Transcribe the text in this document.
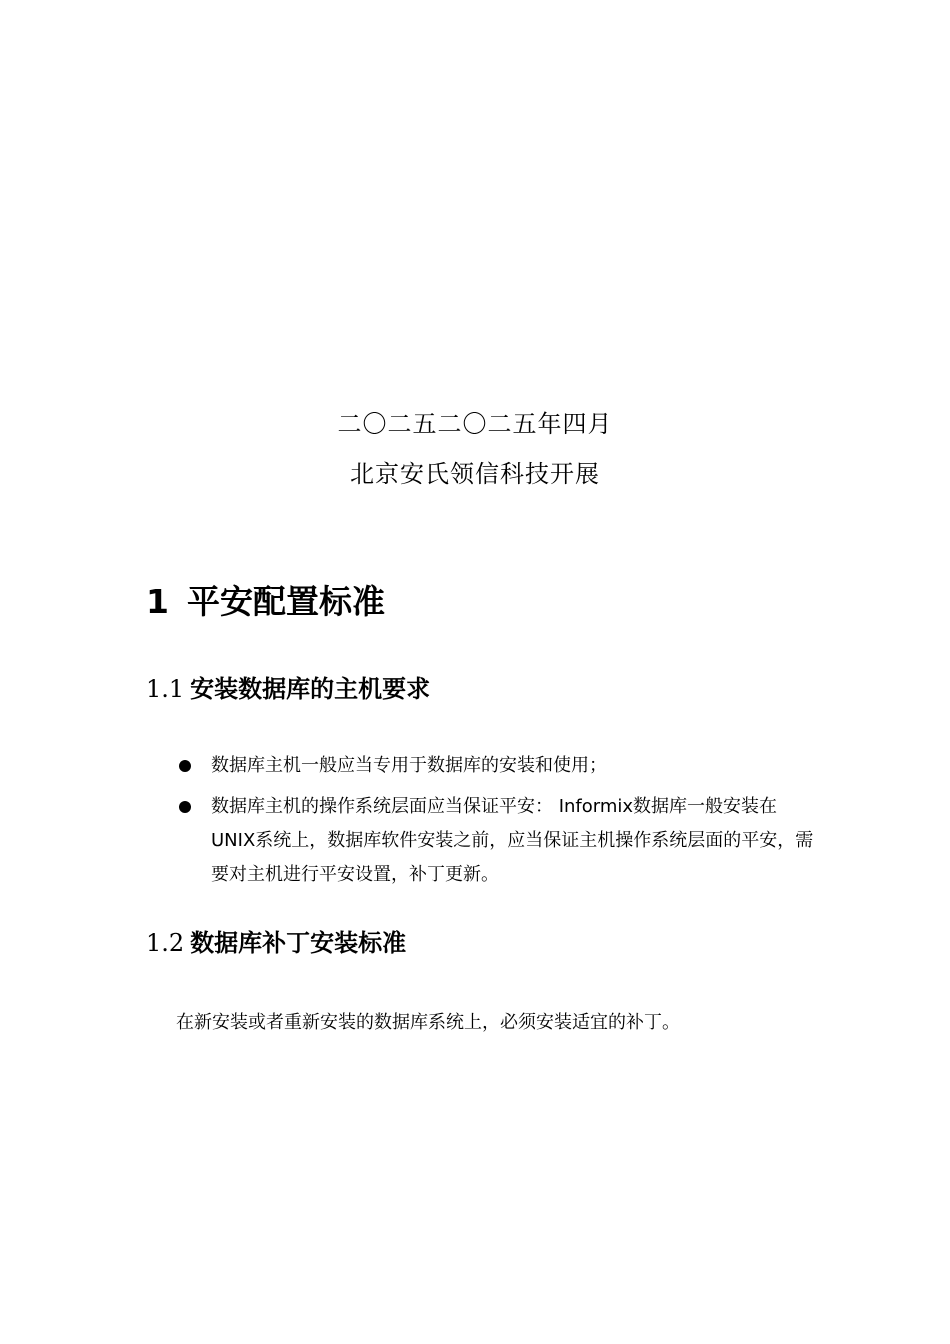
二〇二五二〇二五年四月
北京安氏领信科技开展
1 平安配置标准
1.1 安装数据库的主机要求
数据库主机一般应当专用于数据库的安装和使用；
数据库主机的操作系统层面应当保证平安： Informix数据库一般安装在UNIX系统上，数据库软件安装之前，应当保证主机操作系统层面的平安，需要对主机进行平安设置，补丁更新。
1.2 数据库补丁安装标准
在新安装或者重新安装的数据库系统上，必须安装适宜的补丁。
